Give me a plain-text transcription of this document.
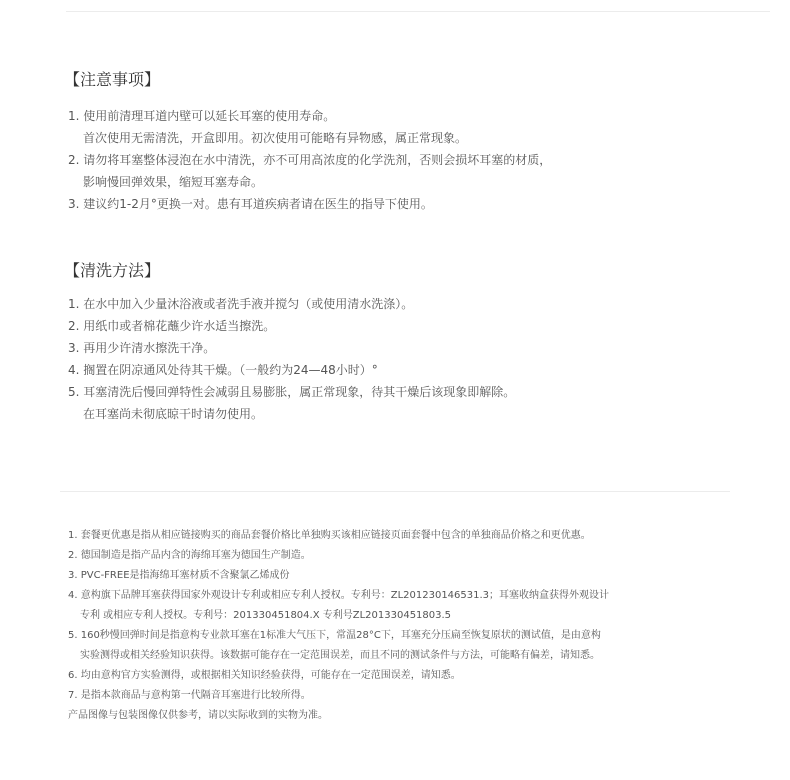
【注意事项】
1. 使用前清理耳道内壁可以延长耳塞的使用寿命。
首次使用无需清洗，开盒即用。初次使用可能略有异物感，属正常现象。
2. 请勿将耳塞整体浸泡在水中清洗，亦不可用高浓度的化学洗剂，否则会损坏耳塞的材质，
影响慢回弹效果，缩短耳塞寿命。
3. 建议约1-2月°更换一对。患有耳道疾病者请在医生的指导下使用。
【清洗方法】
1. 在水中加入少量沐浴液或者洗手液并搅匀（或使用清水洗涤）。
2. 用纸巾或者棉花蘸少许水适当擦洗。
3. 再用少许清水擦洗干净。
4. 搁置在阴凉通风处待其干燥。（一般约为24—48小时）°
5. 耳塞清洗后慢回弹特性会减弱且易膨胀，属正常现象，待其干燥后该现象即解除。
在耳塞尚未彻底晾干时请勿使用。
1. 套餐更优惠是指从相应链接购买的商品套餐价格比单独购买该相应链接页面套餐中包含的单独商品价格之和更优惠。
2. 德国制造是指产品内含的海绵耳塞为德国生产制造。
3. PVC-FREE是指海绵耳塞材质不含聚氯乙烯成份
4. 意构旗下品牌耳塞获得国家外观设计专利或相应专利人授权。专利号：ZL201230146531.3；耳塞收纳盒获得外观设计
专利 或相应专利人授权。专利号：201330451804.X 专利号ZL201330451803.5
5. 160秒慢回弹时间是指意构专业款耳塞在1标准大气压下，常温28°C下，耳塞充分压扁至恢复原状的测试值，是由意构
实验测得或相关经验知识获得。该数据可能存在一定范围误差，而且不同的测试条件与方法，可能略有偏差，请知悉。
6. 均由意构官方实验测得，或根据相关知识经验获得，可能存在一定范围误差，请知悉。
7. 是指本款商品与意构第一代隔音耳塞进行比较所得。
产品图像与包装图像仅供参考，请以实际收到的实物为准。
